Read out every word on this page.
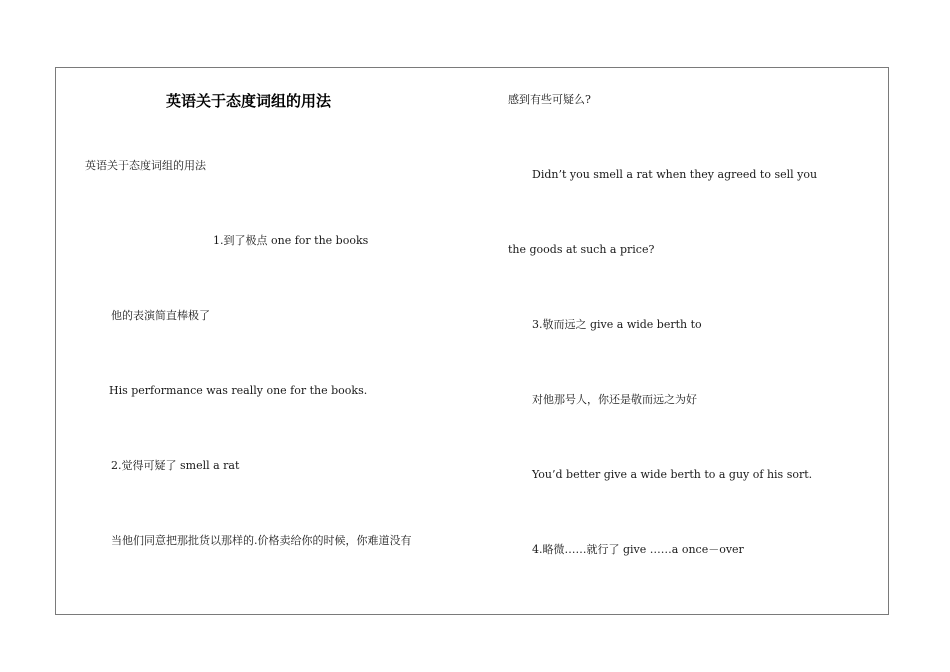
英语关于态度词组的用法
英语关于态度词组的用法
1.到了极点 one for the books
他的表演简直棒极了
His performance was really one for the books.
2.觉得可疑了 smell a rat
当他们同意把那批货以那样的.价格卖给你的时候，你难道没有
感到有些可疑么?
Didn’t you smell a rat when they agreed to sell you
the goods at such a price?
3.敬而远之 give a wide berth to
对他那号人，你还是敬而远之为好
You’d better give a wide berth to a guy of his sort.
4.略微……就行了 give ……a once－over
